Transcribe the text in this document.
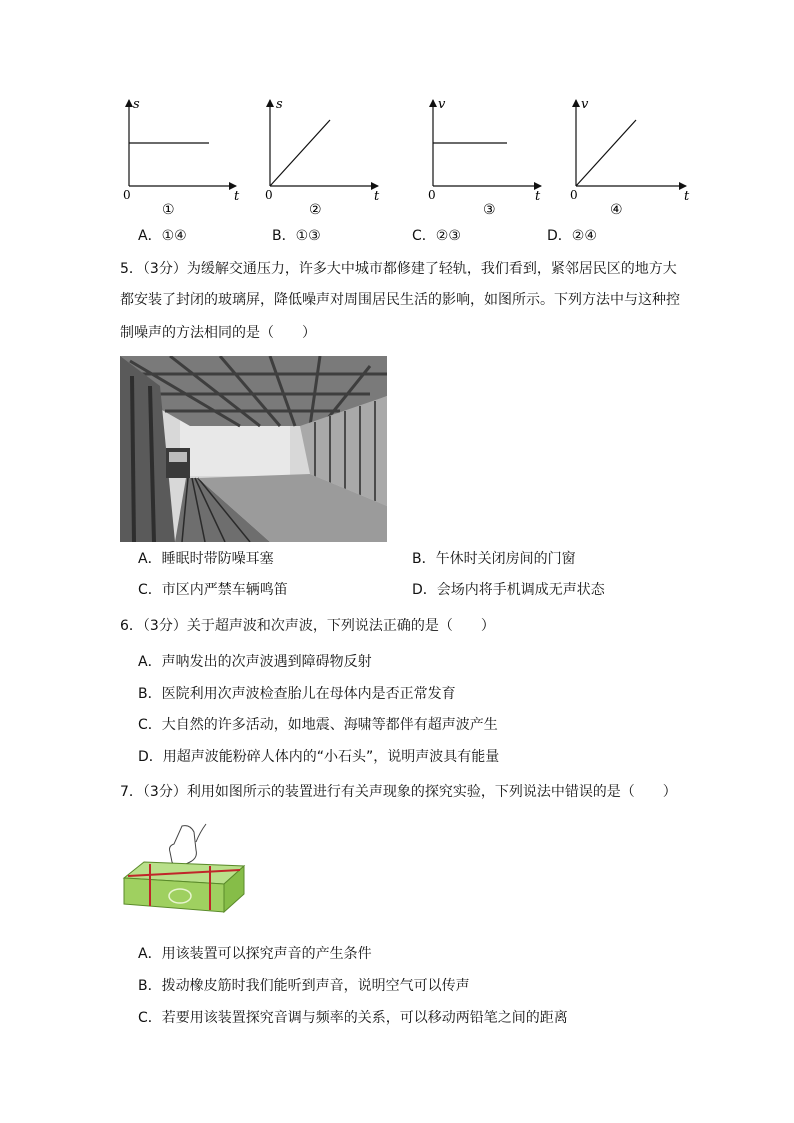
s
t
0
①
s
t
0
②
v
t
0
③
v
t
0
④
A．①④	B．①③	C．②③	D．②④
5．（3分）为缓解交通压力，许多大中城市都修建了轻轨，我们看到，紧邻居民区的地方大
都安装了封闭的玻璃屏，降低噪声对周围居民生活的影响，如图所示。下列方法中与这种控
制噪声的方法相同的是（　　）
A．睡眠时带防噪耳塞	B．午休时关闭房间的门窗
C．市区内严禁车辆鸣笛	D．会场内将手机调成无声状态
6．（3分）关于超声波和次声波，下列说法正确的是（　　）
A．声呐发出的次声波遇到障碍物反射
B．医院利用次声波检查胎儿在母体内是否正常发育
C．大自然的许多活动，如地震、海啸等都伴有超声波产生
D．用超声波能粉碎人体内的“小石头”，说明声波具有能量
7．（3分）利用如图所示的装置进行有关声现象的探究实验，下列说法中错误的是（　　）
A．用该装置可以探究声音的产生条件
B．拨动橡皮筋时我们能听到声音，说明空气可以传声
C．若要用该装置探究音调与频率的关系，可以移动两铅笔之间的距离
